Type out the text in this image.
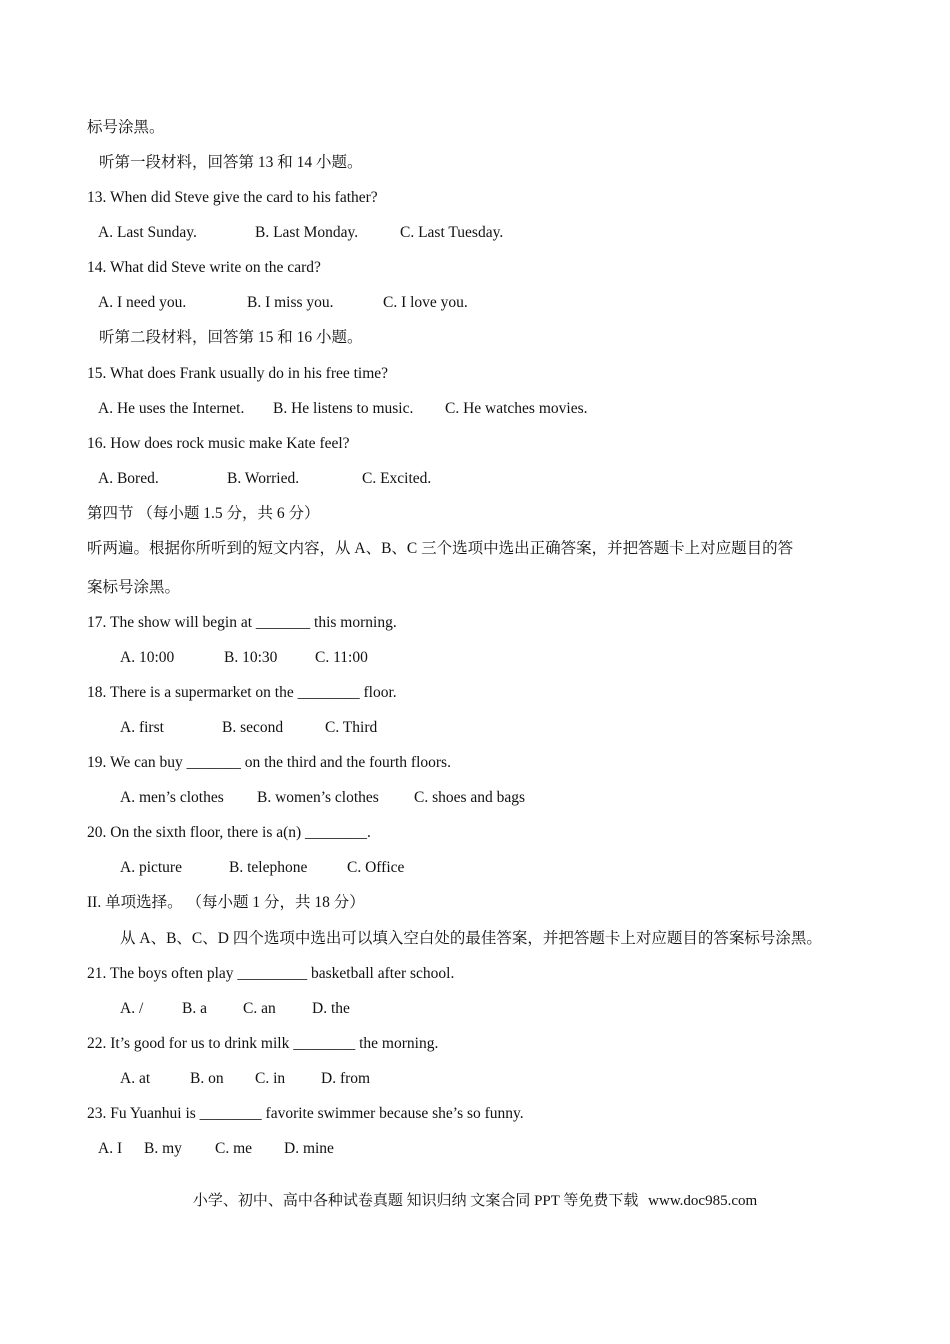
标号涂黑。
听第一段材料，回答第 13 和 14 小题。
13. When did Steve give the card to his father?
A. Last Sunday.	B. Last Monday.	C. Last Tuesday.
14. What did Steve write on the card?
A. I need you.	B. I miss you.	C. I love you.
听第二段材料，回答第 15 和 16 小题。
15. What does Frank usually do in his free time?
A. He uses the Internet. B. He listens to music. C. He watches movies.
16. How does rock music make Kate feel?
A. Bored.	B. Worried.	C. Excited.
第四节 （每小题 1.5 分，共 6 分）
听两遍。根据你所听到的短文内容，从 A、B、C 三个选项中选出正确答案，并把答题卡上对应题目的答
案标号涂黑。
17. The show will begin at _______ this morning.
A. 10:00	B. 10:30 C. 11:00
18. There is a supermarket on the ________ floor.
A. first	B. second	C. Third
19. We can buy _______ on the third and the fourth floors.
A. men’s clothes B. women’s clothes C. shoes and bags
20. On the sixth floor, there is a(n) ________.
A. picture	B. telephone	C. Office
II. 单项选择。 （每小题 1 分，共 18 分）
从 A、B、C、D 四个选项中选出可以填入空白处的最佳答案，并把答题卡上对应题目的答案标号涂黑。
21. The boys often play _________ basketball after school.
A. /	B. a C. an D. the
22. It’s good for us to drink milk ________ the morning.
A. at	B. on C. in D. from
23. Fu Yuanhui is ________ favorite swimmer because she’s so funny.
A. I B. my C. me D. mine
小学、初中、高中各种试卷真题 知识归纳 文案合同 PPT 等免费下载 www.doc985.com
